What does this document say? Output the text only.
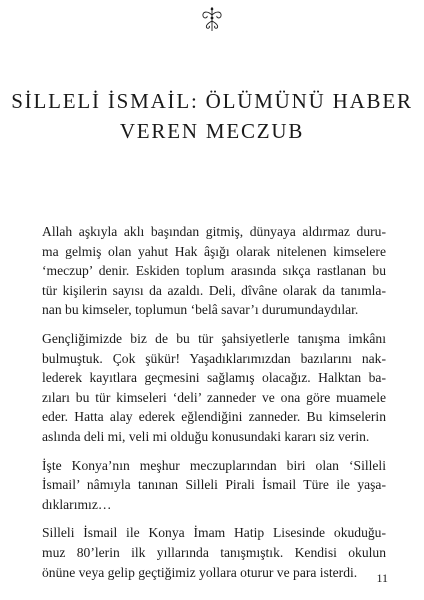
SİLLELİ İSMAİL: ÖLÜMÜNÜ HABER
VEREN MECZUB

Allah aşkıyla aklı başından gitmiş, dünyaya aldırmaz duru-
ma gelmiş olan yahut Hak âşığı olarak nitelenen kimselere
‘meczup’ denir. Eskiden toplum arasında sıkça rastlanan bu
tür kişilerin sayısı da azaldı. Deli, dîvâne olarak da tanımla-
nan bu kimseler, toplumun ‘belâ savar’ı durumundaydılar.

Gençliğimizde biz de bu tür şahsiyetlerle tanışma imkânı
bulmuştuk. Çok şükür! Yaşadıklarımızdan bazılarını nak-
lederek kayıtlara geçmesini sağlamış olacağız. Halktan ba-
zıları bu tür kimseleri ‘deli’ zanneder ve ona göre muamele
eder. Hatta alay ederek eğlendiğini zanneder. Bu kimselerin
aslında deli mi, veli mi olduğu konusundaki kararı siz verin.

İşte Konya’nın meşhur meczuplarından biri olan ‘Silleli
İsmail’ nâmıyla tanınan Silleli Pirali İsmail Türe ile yaşa-
dıklarımız…

Silleli İsmail ile Konya İmam Hatip Lisesinde okuduğu-
muz 80’lerin ilk yıllarında tanışmıştık. Kendisi okulun
önüne veya gelip geçtiğimiz yollara oturur ve para isterdi.	11
